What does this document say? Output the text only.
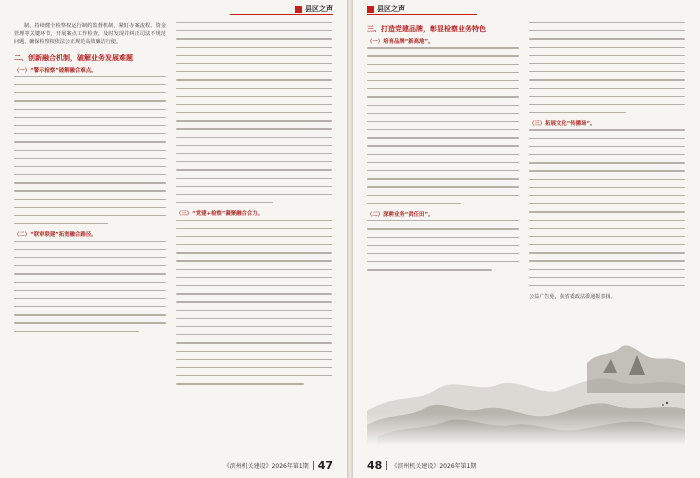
制，持续健全检察权运行制约监督机制，紧盯办案流程、资金管理等关键环节，开展案点工作检查，及时发现并纠正司法不规范问题，确保检察权依法公正规范高效廉洁行使。

二、创新融合机制，破解业务发展难题
（一）“警示检察”破解融合难点。
（二）“联审联建”拓宽融合路径。
（三）“党建+检察”凝聚融合合力。
县区之声
《滨州机关建设》2026年第1期 47
县区之声
三、打造党建品牌，彰显检察业务特色
（一）培育品牌“新高地”。
（二）深耕业务“责任田”。
（三）拓展文化“传播场”。

公益广告免，获省委政法委通报表扬。

48 《滨州机关建设》2026年第1期
